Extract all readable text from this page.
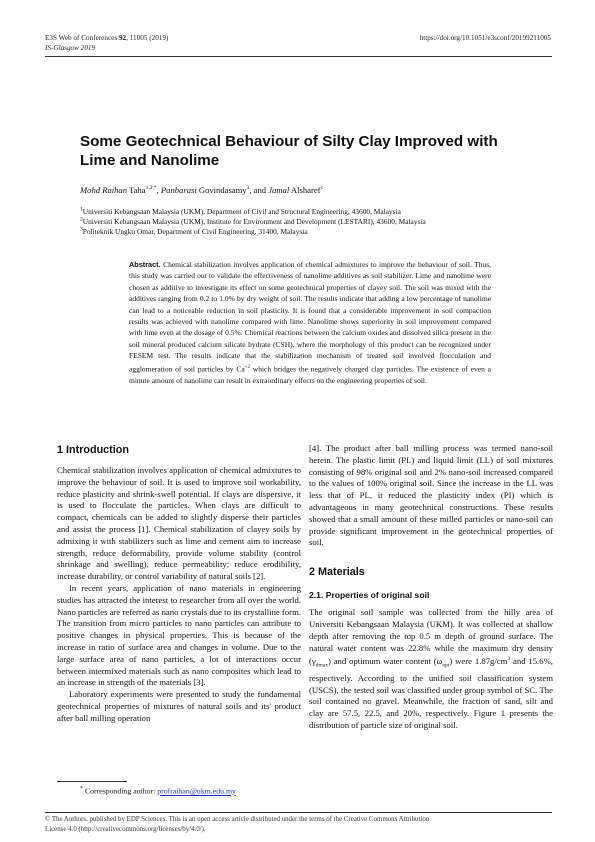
E3S Web of Conferences 92, 11005 (2019)
IS-Glasgow 2019
https://doi.org/10.1051/e3sconf/20199211005
Some Geotechnical Behaviour of Silty Clay Improved with
Lime and Nanolime
Mohd Raihan Taha$^{1,2,*}$, Panbarasi Govindasamy$^3$, and Jamal Alsharef$^1$
$^1$Universiti Kebangsaan Malaysia (UKM), Department of Civil and Structural Engineering, 43600, Malaysia
$^2$Universiti Kebangsaan Malaysia (UKM), Institute for Environment and Development (LESTARI), 43600, Malaysia
$^3$Politeknik Ungku Omar, Department of Civil Engineering, 31400, Malaysia
Abstract. Chemical stabilization involves application of chemical admixtures to improve the behaviour of soil. Thus, this study was carried out to validate the effectiveness of nanolime additives as soil stabilizer. Lime and nanolime were chosen as additive to investigate its effect on some geotechnical properties of clayey soil. The soil was mixed with the additives ranging from 0.2 to 1.0% by dry weight of soil. The results indicate that adding a low percentage of nanolime can lead to a noticeable reduction in soil plasticity. It is found that a considerable improvement in soil compaction results was achieved with nanolime compared with lime. Nanolime shows superiority in soil improvement compared with lime even at the dosage of 0.5%. Chemical reactions between the calcium oxides and dissolved silica present in the soil mineral produced calcium silicate hydrate (CSH), where the morphology of this product can be recognized under FESEM test. The results indicate that the stabilization mechanism of treated soil involved flocculation and agglomeration of soil particles by $Ca^{+2}$ which bridges the negatively charged clay particles. The existence of even a minute amount of nanolime can result in extraordinary effects on the engineering properties of soil.
1 Introduction

Chemical stabilization involves application of chemical admixtures to improve the behaviour of soil. It is used to improve soil workability, reduce plasticity and shrink-swell potential. If clays are dispersive, it is used to flocculate the particles. When clays are difficult to compact, chemicals can be added to slightly disperse their particles and assist the process [1]. Chemical stabilization of clayey soils by admixing it with stabilizers such as lime and cement aim to increase strength, reduce deformability, provide volume stability (control shrinkage and swelling), reduce permeability; reduce erodibility, increase durability, or control variability of natural soils [2].

In recent years, application of nano materials in engineering studies has attracted the interest to researcher from all over the world. Nano particles are referred as nano crystals due to its crystalline form. The transition from micro particles to nano particles can attribute to positive changes in physical properties. This is because of the increase in ratio of surface area and changes in volume. Due to the large surface area of nano particles, a lot of interactions occur between intermixed materials such as nano composites which lead to an increase in strength of the materials [3].

Laboratory experiments were presented to study the fundamental geotechnical properties of mixtures of natural soils and its' product after ball milling operation

[4]. The product after ball milling process was termed nano-soil herein. The plastic limit (PL) and liquid limit (LL) of soil mixtures consisting of 98% original soil and 2% nano-soil increased compared to the values of 100% original soil. Since the increase in the LL was less that of PL, it reduced the plasticity index (PI) which is advantageous in many geotechnical constructions. These results showed that a small amount of these milled particles or nano-soil can provide significant improvement in the geotechnical properties of soil.

2 Materials
2.1. Properties of original soil

The original soil sample was collected from the hilly area of Universiti Kebangsaan Malaysia (UKM). It was collected at shallow depth after removing the top 0.5 m depth of ground surface. The natural water content was 22.8% while the maximum dry density $(\gamma_{dmax})$ and optimum water content $(\omega_{opt})$ were $1.87g/cm^3$ and 15.6%, respectively. According to the unified soil classification system (USCS), the tested soil was classified under group symbol of SC. The soil contained no gravel. Meanwhile, the fraction of sand, silt and clay are 57.5, 22.5, and 20%, respectively. Figure 1 presents the distribution of particle size of original soil.

* Corresponding author: profraihan@ukm.edu.my
© The Authors, published by EDP Sciences. This is an open access article distributed under the terms of the Creative Commons Attribution
License 4.0 (http://creativecommons.org/licenses/by/4.0/).
